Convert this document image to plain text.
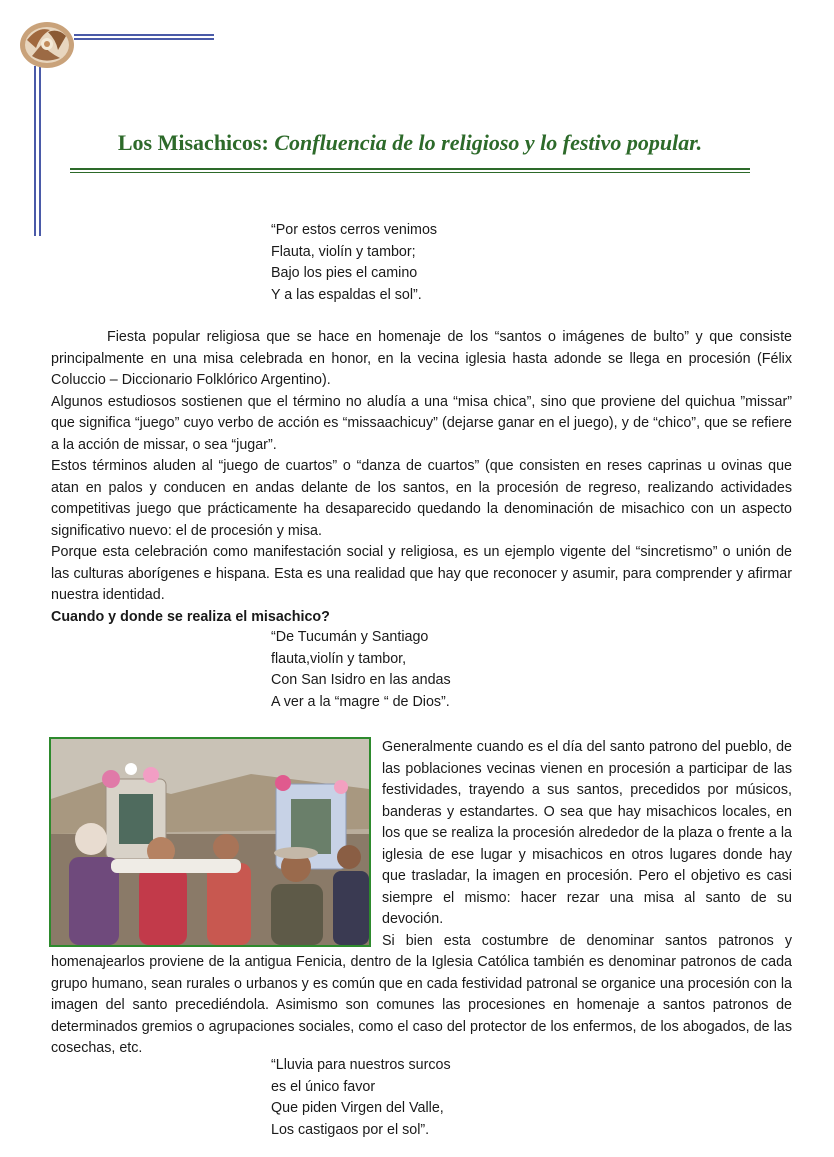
Los Misachicos: Confluencia de lo religioso y lo festivo popular.
“Por estos cerros venimos
Flauta, violín y tambor;
Bajo los pies el camino
Y a las espaldas el sol”.

Fiesta popular religiosa que se hace en homenaje de los “santos o imágenes de bulto” y que consiste principalmente en una misa celebrada en honor, en la vecina iglesia hasta adonde se llega en procesión (Félix Coluccio – Diccionario Folklórico Argentino).

Algunos estudiosos sostienen que el término no aludía a una “misa chica”, sino que proviene del quichua ”missar” que significa “juego” cuyo verbo de acción es “missaachicuy” (dejarse ganar en el juego), y de “chico”, que se refiere a la acción de missar, o sea “jugar”.

Estos términos aluden al “juego de cuartos” o “danza de cuartos” (que consisten en reses caprinas u ovinas que atan en palos y conducen en andas delante de los santos, en la procesión de regreso, realizando actividades competitivas juego que prácticamente ha desaparecido quedando la denominación de misachico con un aspecto significativo nuevo: el de procesión y misa.

Porque esta celebración como manifestación social y religiosa, es un ejemplo vigente del “sincretismo” o unión de las culturas aborígenes e hispana. Esta es una realidad que hay que reconocer y asumir, para comprender y afirmar nuestra identidad.

Cuando y donde se realiza el misachico?

“De Tucumán y Santiago
flauta,violín y tambor,
Con San Isidro en las andas
A ver a la “magre “ de Dios”.

Generalmente cuando es el día del santo patrono del pueblo, de las poblaciones vecinas vienen en procesión a participar de las festividades, trayendo a sus santos, precedidos por músicos, banderas y estandartes. O sea que hay misachicos locales, en los que se realiza la procesión alrededor de la plaza o frente a la iglesia de ese lugar y misachicos en otros lugares donde hay que trasladar, la imagen en procesión. Pero el objetivo es casi siempre el mismo: hacer rezar una misa al santo de su devoción.

Si bien esta costumbre de denominar santos patronos y homenajearlos proviene de la antigua Fenicia, dentro de la Iglesia Católica también es denominar patronos de cada grupo humano, sean rurales o urbanos y es común que en cada festividad patronal se organice una procesión con la imagen del santo precediéndola. Asimismo son comunes las procesiones en homenaje a santos patronos de determinados gremios o agrupaciones sociales, como el caso del protector de los enfermos, de los abogados, de las cosechas, etc.

“Lluvia para nuestros surcos
es el único favor
Que piden Virgen del Valle,
Los castigaos por el sol”.
